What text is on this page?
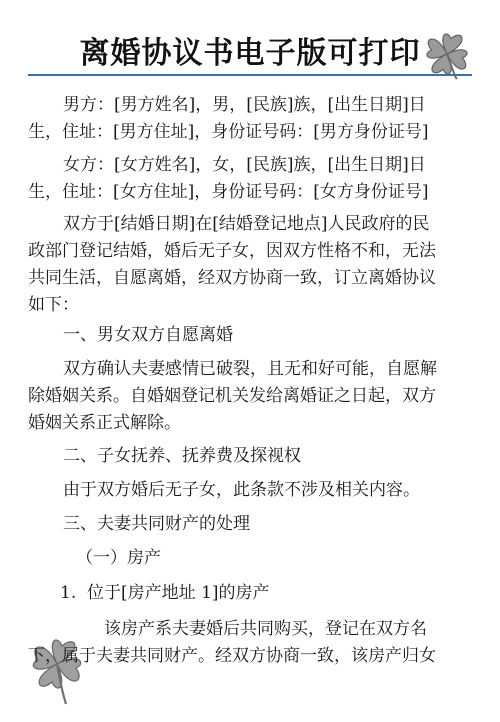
离婚协议书电子版可打印
男方：[男方姓名]，男，[民族]族，[出生日期]日
生，住址：[男方住址]，身份证号码：[男方身份证号]
女方：[女方姓名]，女，[民族]族，[出生日期]日
生，住址：[女方住址]，身份证号码：[女方身份证号]
双方于[结婚日期]在[结婚登记地点]人民政府的民
政部门登记结婚，婚后无子女，因双方性格不和，无法
共同生活，自愿离婚，经双方协商一致，订立离婚协议
如下：
一、男女双方自愿离婚
双方确认夫妻感情已破裂，且无和好可能，自愿解
除婚姻关系。自婚姻登记机关发给离婚证之日起，双方
婚姻关系正式解除。
二、子女抚养、抚养费及探视权
由于双方婚后无子女，此条款不涉及相关内容。
三、夫妻共同财产的处理
（一）房产
1.  位于[房产地址 1]的房产
该房产系夫妻婚后共同购买，登记在双方名
下，属于夫妻共同财产。经双方协商一致，该房产归女
